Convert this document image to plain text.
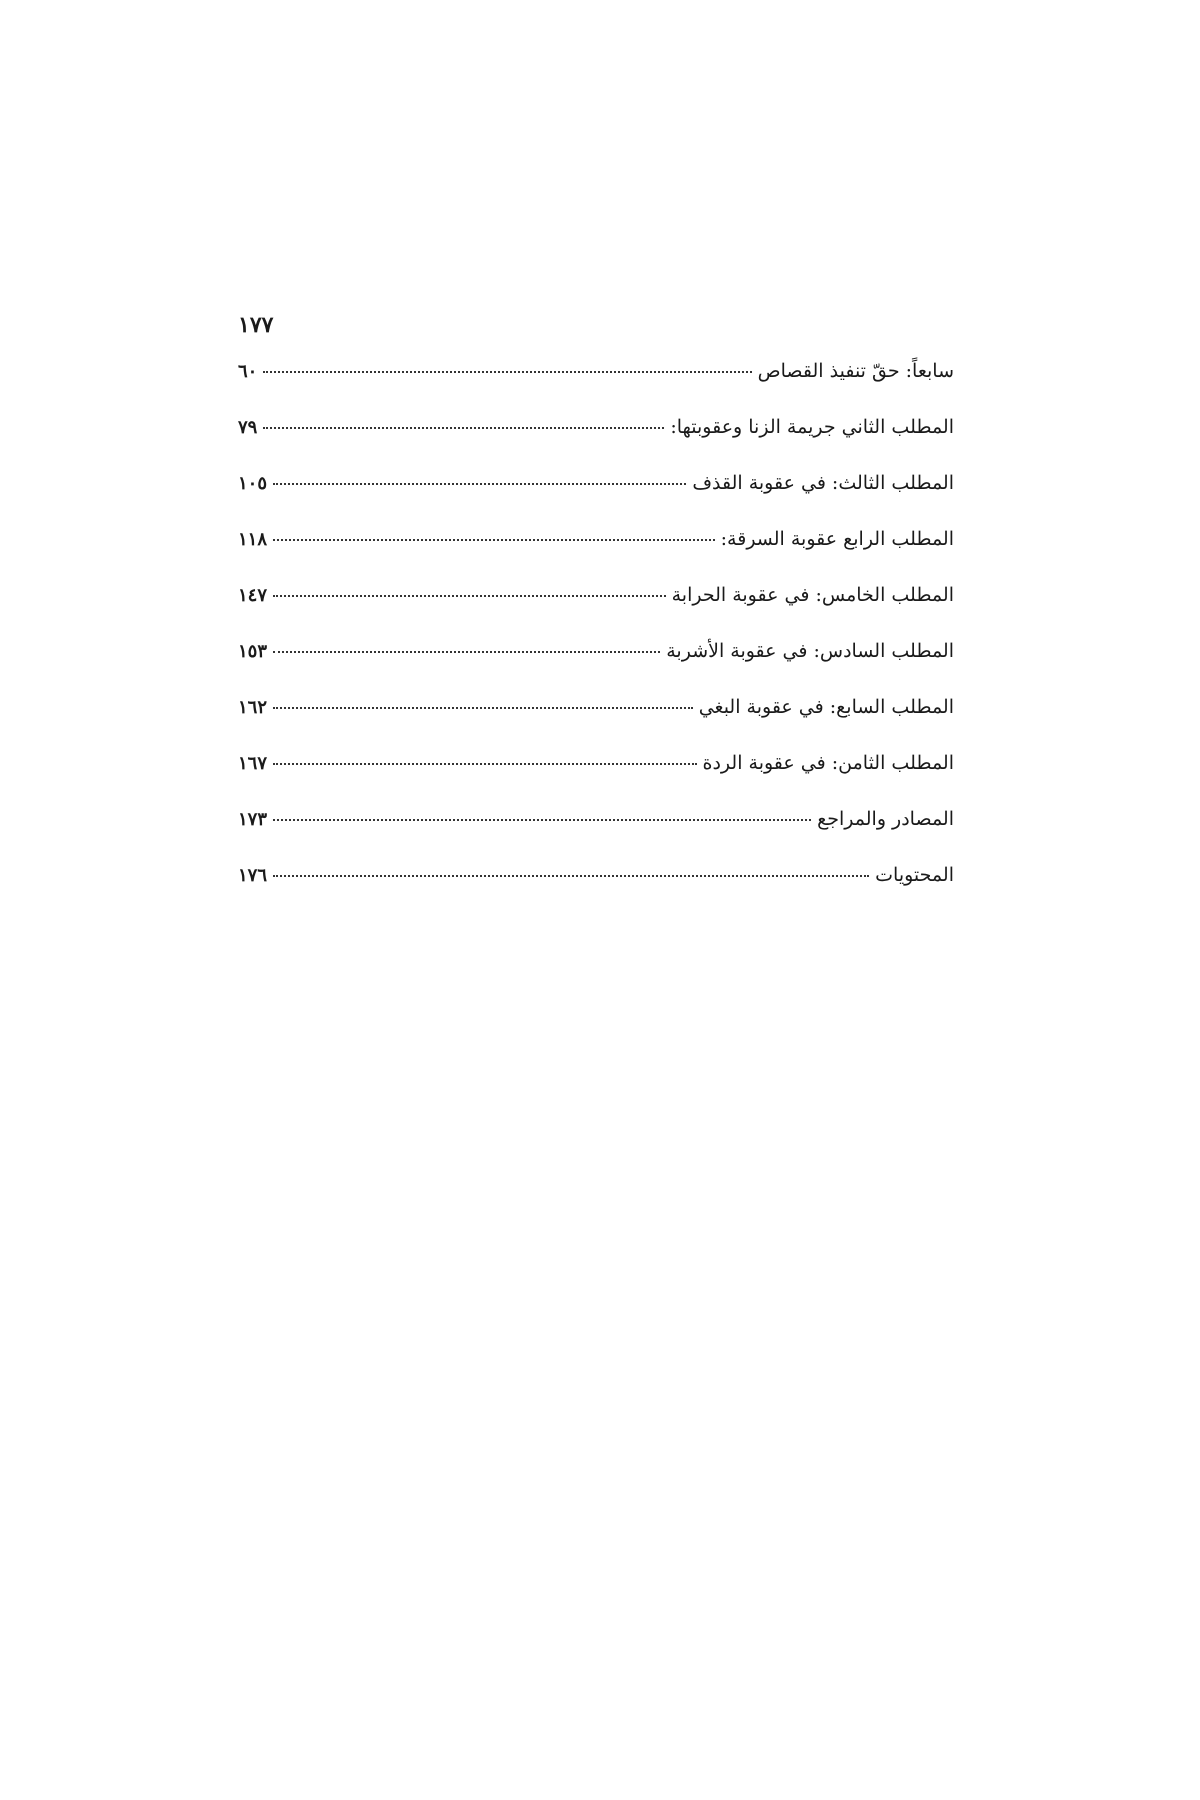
١٧٧
سابعاً: حقّ تنفيذ القصاص
٦٠
المطلب الثاني جريمة الزنا وعقوبتها:
٧٩
المطلب الثالث: في عقوبة القذف
١٠٥
المطلب الرابع عقوبة السرقة:
١١٨
المطلب الخامس: في عقوبة الحرابة
١٤٧
المطلب السادس: في عقوبة الأشربة
١٥٣
المطلب السابع: في عقوبة البغي
١٦٢
المطلب الثامن: في عقوبة الردة
١٦٧
المصادر والمراجع
١٧٣
المحتويات
١٧٦
